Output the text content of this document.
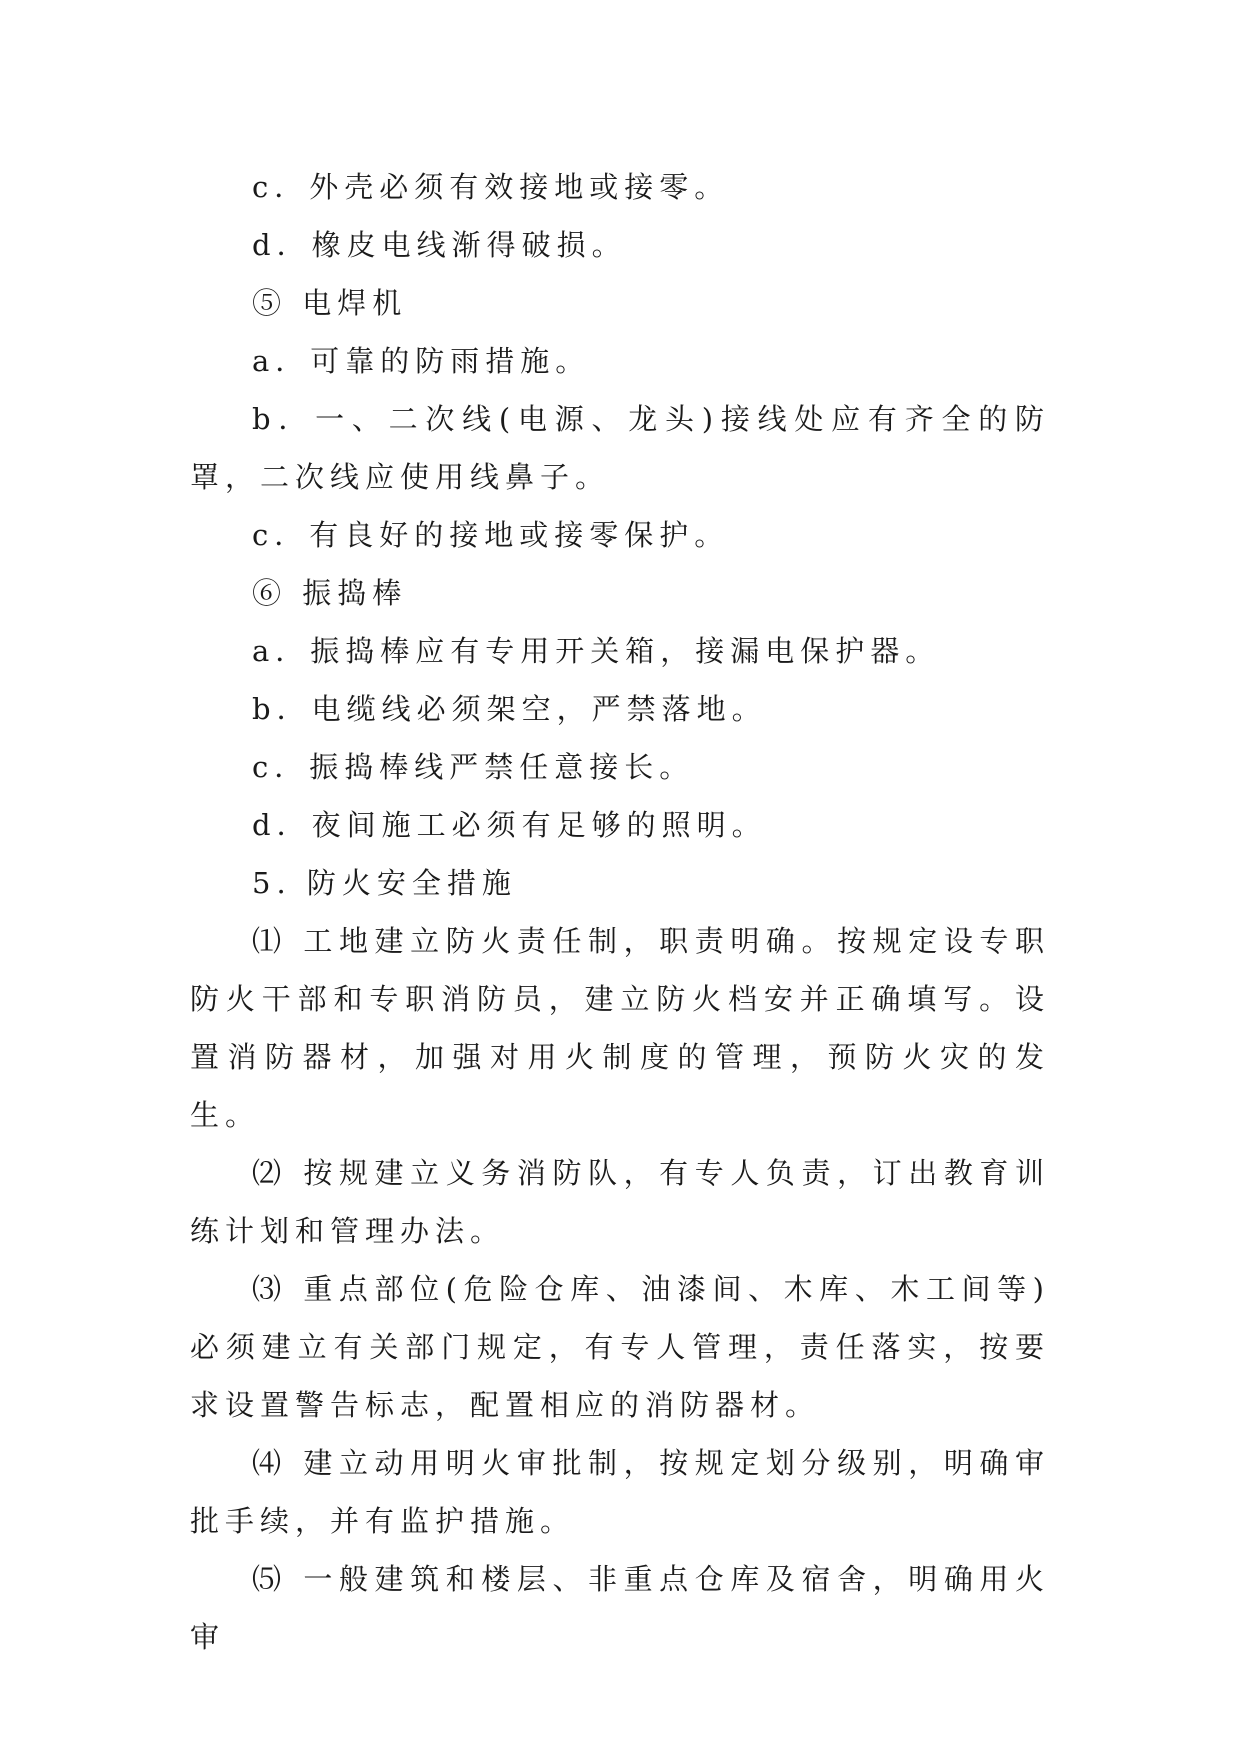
c．外壳必须有效接地或接零。

d．橡皮电线渐得破损。

⑤ 电焊机

a．可靠的防雨措施。

b．一、二次线(电源、龙头)接线处应有齐全的防罩，二次线应使用线鼻子。

c．有良好的接地或接零保护。

⑥ 振捣棒

a．振捣棒应有专用开关箱，接漏电保护器。

b．电缆线必须架空，严禁落地。

c．振捣棒线严禁任意接长。

d．夜间施工必须有足够的照明。

5. 防火安全措施

⑴ 工地建立防火责任制，职责明确。按规定设专职防火干部和专职消防员，建立防火档安并正确填写。设置消防器材，加强对用火制度的管理，预防火灾的发生。

⑵ 按规建立义务消防队，有专人负责，订出教育训练计划和管理办法。

⑶ 重点部位(危险仓库、油漆间、木库、木工间等)必须建立有关部门规定，有专人管理，责任落实，按要求设置警告标志，配置相应的消防器材。

⑷ 建立动用明火审批制，按规定划分级别，明确审批手续，并有监护措施。

⑸ 一般建筑和楼层、非重点仓库及宿舍，明确用火审
